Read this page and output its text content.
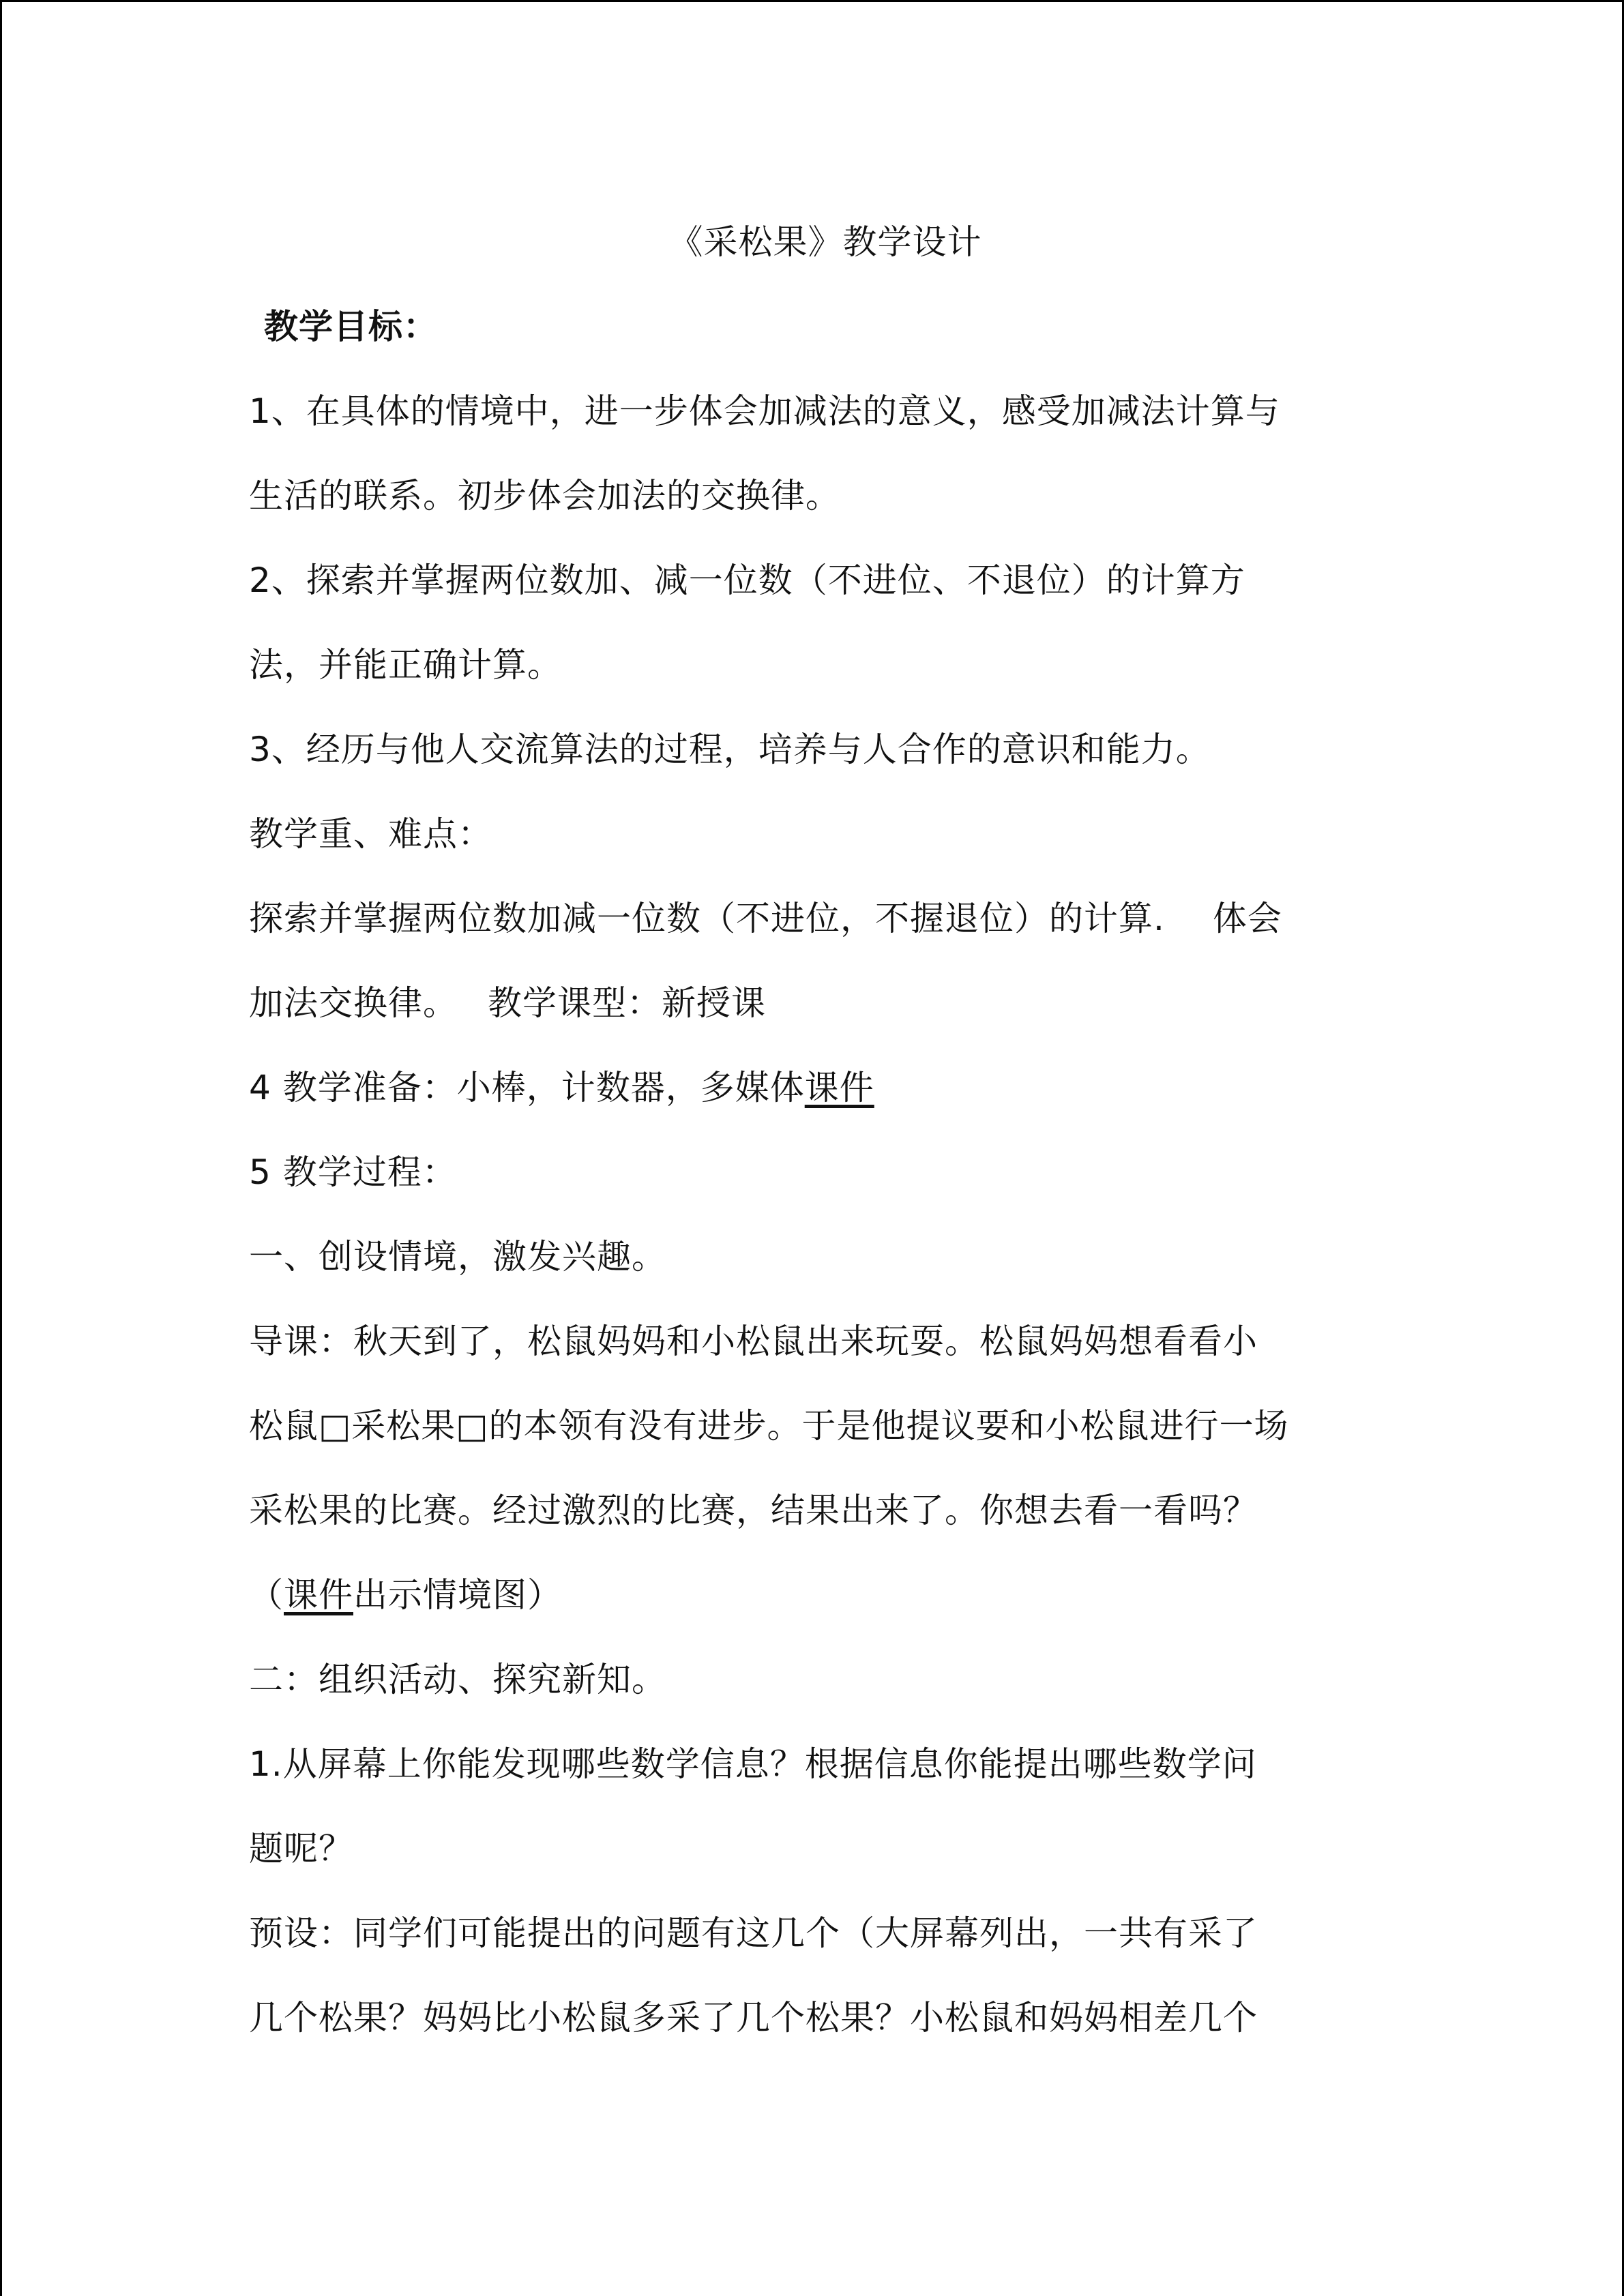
《采松果》教学设计
教学目标：
1、在具体的情境中，进一步体会加减法的意义，感受加减法计算与
生活的联系。初步体会加法的交换律。
2、探索并掌握两位数加、减一位数（不进位、不退位）的计算方
法，并能正确计算。
3、经历与他人交流算法的过程，培养与人合作的意识和能力。
教学重、难点：
探索并掌握两位数加减一位数（不进位，不握退位）的计算. 体会
加法交换律。 教学课型：新授课
4 教学准备：小棒，计数器，多媒体课件
5 教学过程：
一、创设情境，激发兴趣。
导课：秋天到了，松鼠妈妈和小松鼠出来玩耍。松鼠妈妈想看看小
松鼠□采松果□的本领有没有进步。于是他提议要和小松鼠进行一场
采松果的比赛。经过激烈的比赛，结果出来了。你想去看一看吗？
（课件出示情境图）
二：组织活动、探究新知。
1.从屏幕上你能发现哪些数学信息？根据信息你能提出哪些数学问
题呢？
预设：同学们可能提出的问题有这几个（大屏幕列出，一共有采了
几个松果？妈妈比小松鼠多采了几个松果？小松鼠和妈妈相差几个
